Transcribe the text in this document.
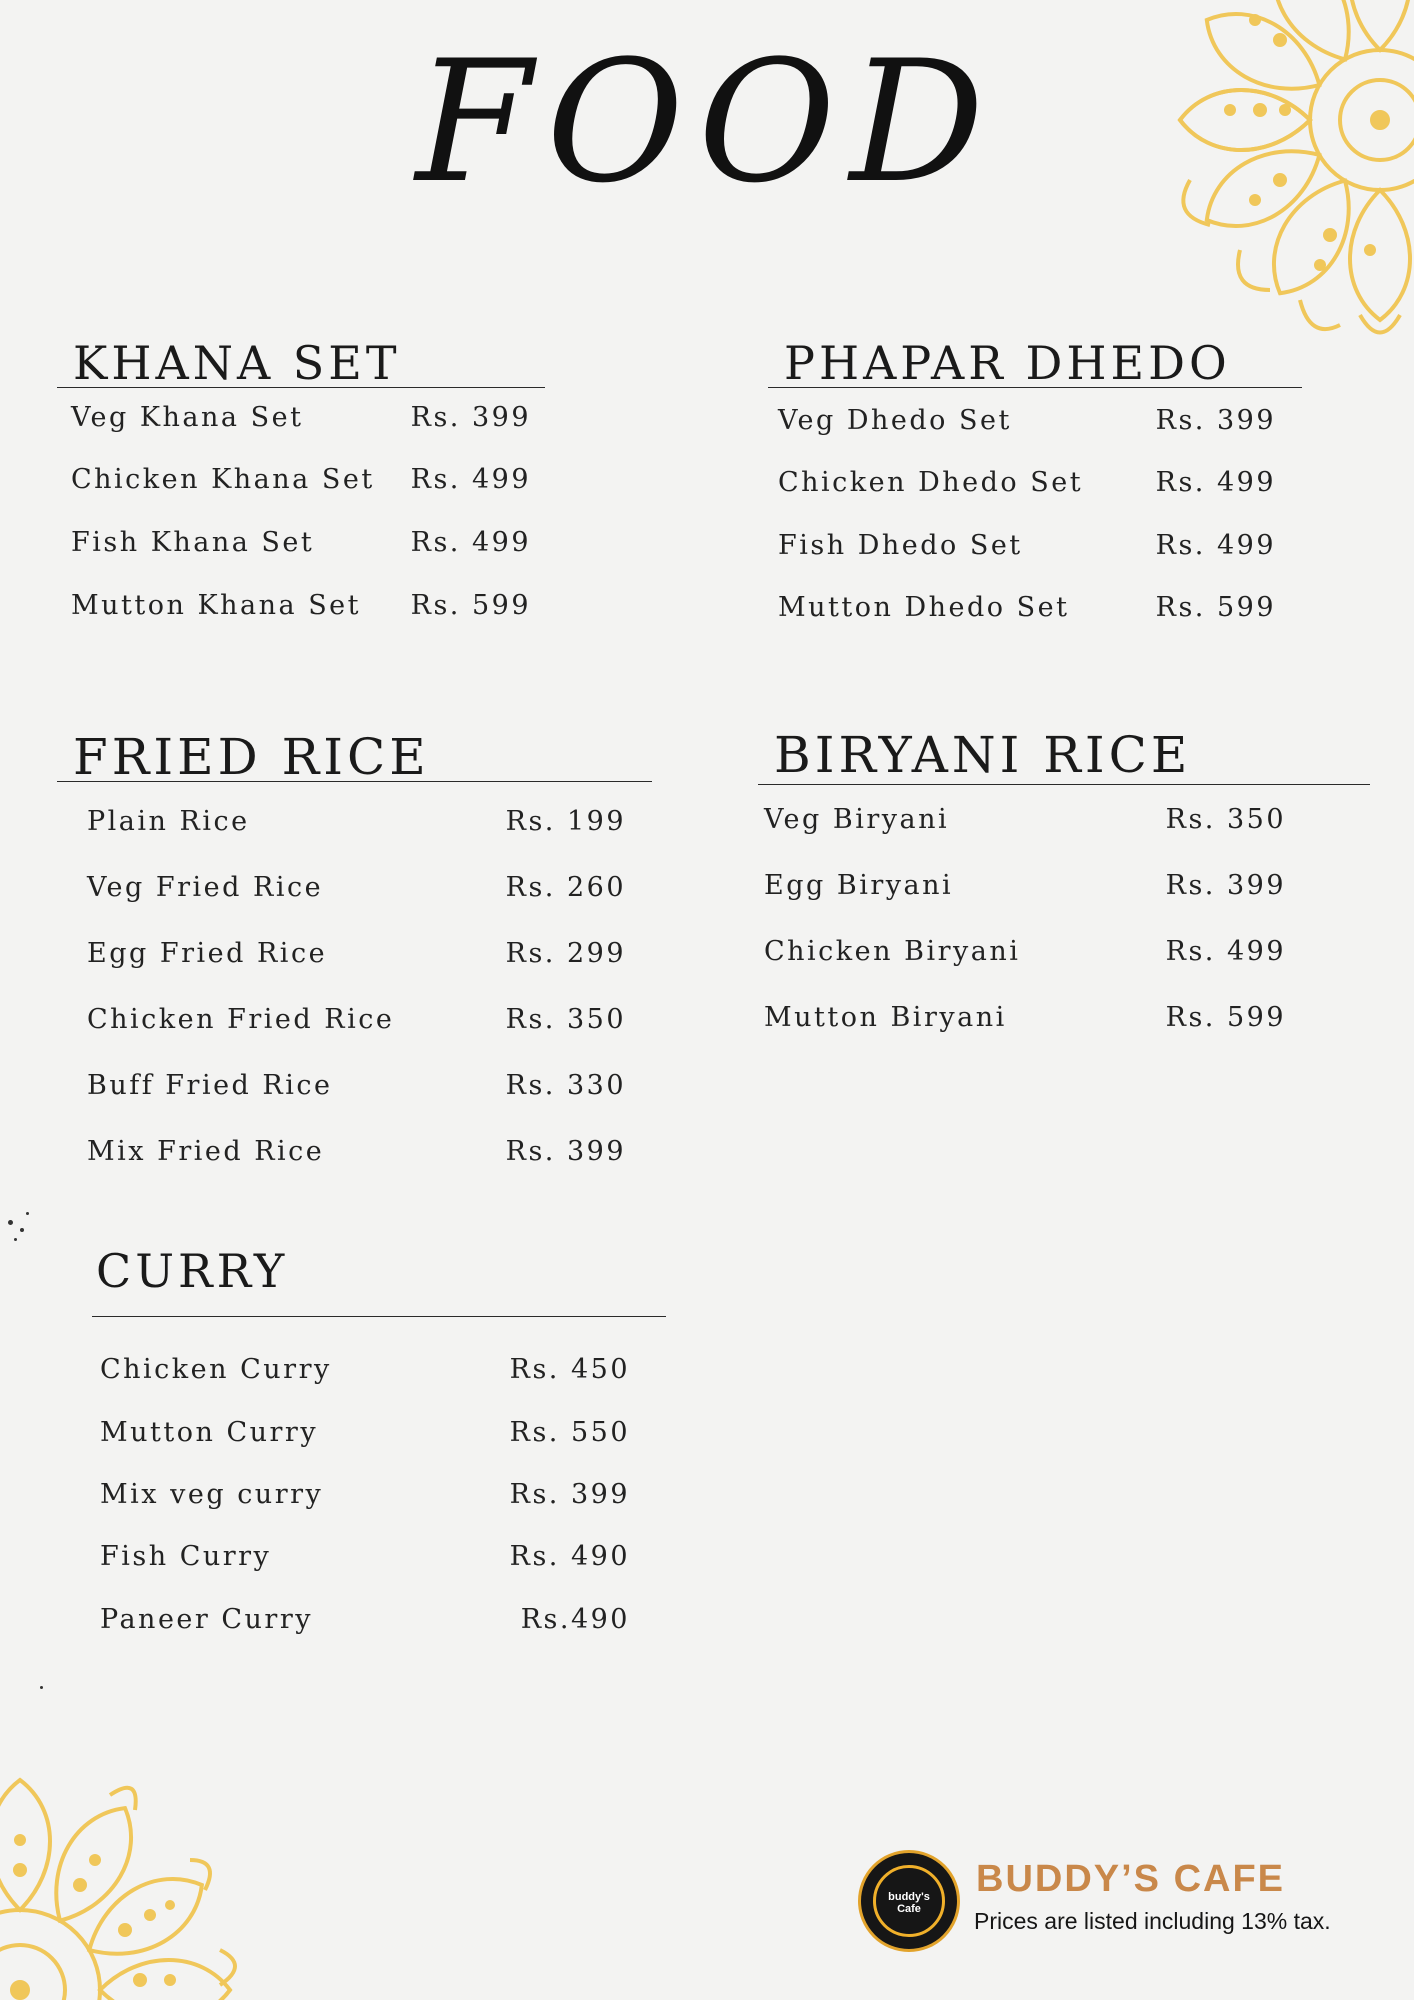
FOOD
KHANA SET
Veg Khana Set	Rs. 399
Chicken Khana Set Rs. 499
Fish Khana Set	Rs. 499
Mutton Khana Set Rs. 599
PHAPAR DHEDO
Veg Dhedo Set	Rs. 399
Chicken Dhedo Set	Rs. 499
Fish Dhedo Set	Rs. 499
Mutton Dhedo Set	Rs. 599
FRIED RICE
Plain Rice	Rs. 199
Veg Fried Rice	Rs. 260
Egg Fried Rice	Rs. 299
Chicken Fried Rice	Rs. 350
Buff Fried Rice	Rs. 330
Mix Fried Rice	Rs. 399
BIRYANI RICE
Veg Biryani	Rs. 350
Egg Biryani	Rs. 399
Chicken Biryani	Rs. 499
Mutton Biryani	Rs. 599
CURRY
Chicken Curry	Rs. 450
Mutton Curry	Rs. 550
Mix veg curry	Rs. 399
Fish Curry	Rs. 490
Paneer Curry	Rs.490
buddy's
Cafe
BUDDY’S CAFE
Prices are listed including 13% tax.
